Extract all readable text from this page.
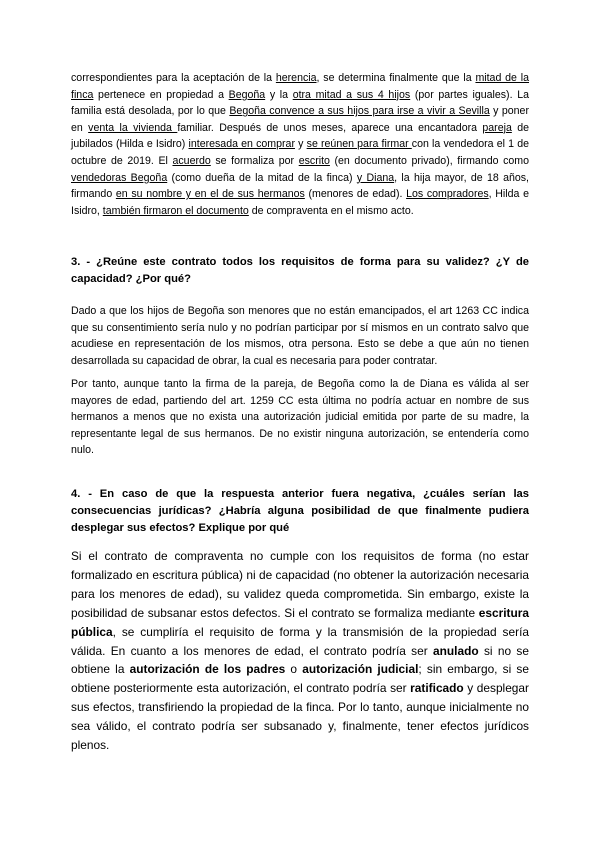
correspondientes para la aceptación de la herencia, se determina finalmente que la mitad de la finca pertenece en propiedad a Begoña y la otra mitad a sus 4 hijos (por partes iguales). La familia está desolada, por lo que Begoña convence a sus hijos para irse a vivir a Sevilla y poner en venta la vivienda familiar. Después de unos meses, aparece una encantadora pareja de jubilados (Hilda e Isidro) interesada en comprar y se reúnen para firmar con la vendedora el 1 de octubre de 2019. El acuerdo se formaliza por escrito (en documento privado), firmando como vendedoras Begoña (como dueña de la mitad de la finca) y Diana, la hija mayor, de 18 años, firmando en su nombre y en el de sus hermanos (menores de edad). Los compradores, Hilda e Isidro, también firmaron el documento de compraventa en el mismo acto.

3. - ¿Reúne este contrato todos los requisitos de forma para su validez? ¿Y de capacidad? ¿Por qué?

Dado a que los hijos de Begoña son menores que no están emancipados, el art 1263 CC indica que su consentimiento sería nulo y no podrían participar por sí mismos en un contrato salvo que acudiese en representación de los mismos, otra persona. Esto se debe a que aún no tienen desarrollada su capacidad de obrar, la cual es necesaria para poder contratar.

Por tanto, aunque tanto la firma de la pareja, de Begoña como la de Diana es válida al ser mayores de edad, partiendo del art. 1259 CC esta última no podría actuar en nombre de sus hermanos a menos que no exista una autorización judicial emitida por parte de su madre, la representante legal de sus hermanos. De no existir ninguna autorización, se entendería como nulo.

4. - En caso de que la respuesta anterior fuera negativa, ¿cuáles serían las consecuencias jurídicas? ¿Habría alguna posibilidad de que finalmente pudiera desplegar sus efectos? Explique por qué

Si el contrato de compraventa no cumple con los requisitos de forma (no estar formalizado en escritura pública) ni de capacidad (no obtener la autorización necesaria para los menores de edad), su validez queda comprometida. Sin embargo, existe la posibilidad de subsanar estos defectos. Si el contrato se formaliza mediante escritura pública, se cumpliría el requisito de forma y la transmisión de la propiedad sería válida. En cuanto a los menores de edad, el contrato podría ser anulado si no se obtiene la autorización de los padres o autorización judicial; sin embargo, si se obtiene posteriormente esta autorización, el contrato podría ser ratificado y desplegar sus efectos, transfiriendo la propiedad de la finca. Por lo tanto, aunque inicialmente no sea válido, el contrato podría ser subsanado y, finalmente, tener efectos jurídicos plenos.
